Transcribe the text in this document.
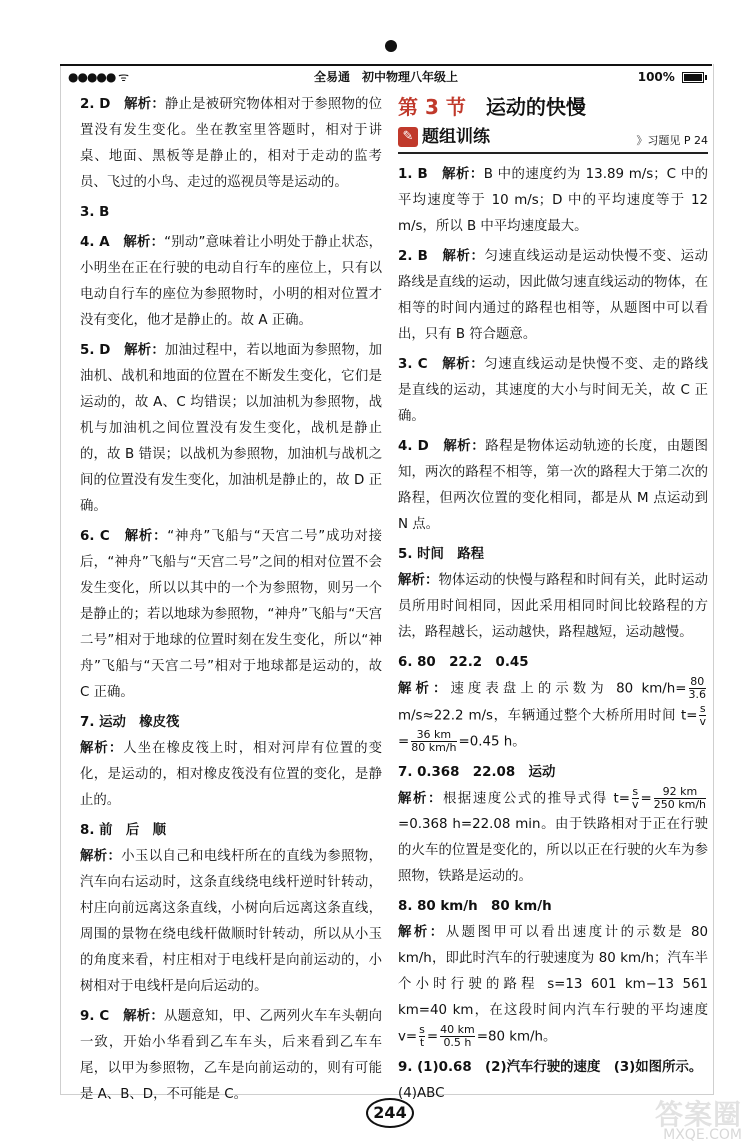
●●●●● ᯤ	全易通　初中物理八年级上	100%

2. D　 解析：静止是被研究物体相对于参照物的位置没有发生变化。坐在教室里答题时，相对于讲桌、地面、黑板等是静止的，相对于走动的监考员、飞过的小鸟、走过的巡视员等是运动的。

3. B

4. A　 解析：“别动”意味着让小明处于静止状态，小明坐在正在行驶的电动自行车的座位上，只有以电动自行车的座位为参照物时，小明的相对位置才没有变化，他才是静止的。故 A 正确。

5. D　 解析：加油过程中，若以地面为参照物，加油机、战机和地面的位置在不断发生变化，它们是运动的，故 A、C 均错误；以加油机为参照物，战机与加油机之间位置没有发生变化，战机是静止的，故 B 错误；以战机为参照物，加油机与战机之间的位置没有发生变化，加油机是静止的，故 D 正确。

6. C　 解析：“神舟”飞船与“天宫二号”成功对接后，“神舟”飞船与“天宫二号”之间的相对位置不会发生变化，所以以其中的一个为参照物，则另一个是静止的；若以地球为参照物，“神舟”飞船与“天宫二号”相对于地球的位置时刻在发生变化，所以“神舟”飞船与“天宫二号”相对于地球都是运动的，故 C 正确。

7. 运动　橡皮筏

解析：人坐在橡皮筏上时，相对河岸有位置的变化，是运动的，相对橡皮筏没有位置的变化，是静止的。

8. 前　后　顺

解析：小玉以自己和电线杆所在的直线为参照物，汽车向右运动时，这条直线绕电线杆逆时针转动，村庄向前远离这条直线，小树向后远离这条直线，周围的景物在绕电线杆做顺时针转动，所以从小玉的角度来看，村庄相对于电线杆是向前运动的，小树相对于电线杆是向后运动的。

9. C　 解析：从题意知，甲、乙两列火车车头朝向一致，开始小华看到乙车车头，后来看到乙车车尾，以甲为参照物，乙车是向前运动的，则有可能是 A、B、D，不可能是 C。

第 3 节　 运动的快慢
✎ 题组训练	》习题见 P 24

1. B　 解析：B 中的速度约为 13.89 m/s；C 中的平均速度等于 10 m/s；D 中的平均速度等于 12 m/s，所以 B 中平均速度最大。

2. B　 解析：匀速直线运动是运动快慢不变、运动路线是直线的运动，因此做匀速直线运动的物体，在相等的时间内通过的路程也相等，从题图中可以看出，只有 B 符合题意。

3. C　 解析：匀速直线运动是快慢不变、走的路线是直线的运动，其速度的大小与时间无关，故 C 正确。

4. D　 解析：路程是物体运动轨迹的长度，由题图知，两次的路程不相等，第一次的路程大于第二次的路程，但两次位置的变化相同，都是从 M 点运动到 N 点。

5. 时间　路程

解析：物体运动的快慢与路程和时间有关，此时运动员所用时间相同，因此采用相同时间比较路程的方法，路程越长，运动越快，路程越短，运动越慢。

6. 80　22.2　0.45

解析：速度表盘上的示数为 80 $km/h= \frac{80}{3.6}$
m/s≈22.2 m/s，车辆通过整个大桥所用时间 $t= \frac{s}{v}$
= $\frac{36 km}{80 km/h} =0.45$ h。

7. 0.368　22.08　运动

解析：根据速度公式的推导式得 $t= \frac{s}{v} = \frac{92 km}{250 km/h}$
=0.368 h=22.08 min。由于铁路相对于正在行驶的火车的位置是变化的，所以以正在行驶的火车为参照物，铁路是运动的。

8. 80 km/h　80 km/h

解析：从题图甲可以看出速度计的示数是 80 km/h，即此时汽车的行驶速度为 80 km/h；汽车半个小时行驶的路程 s=13 601 km−13 561 km=40 km，在这段时间内汽车行驶的平均速度 $v= \frac{s}{t} = \frac{40 km}{0.5 h} =80$ km/h。

9. (1)0.68　(2)汽车行驶的速度　(3)如图所示。

(4)ABC

244	答案圈
MXQE.COM
